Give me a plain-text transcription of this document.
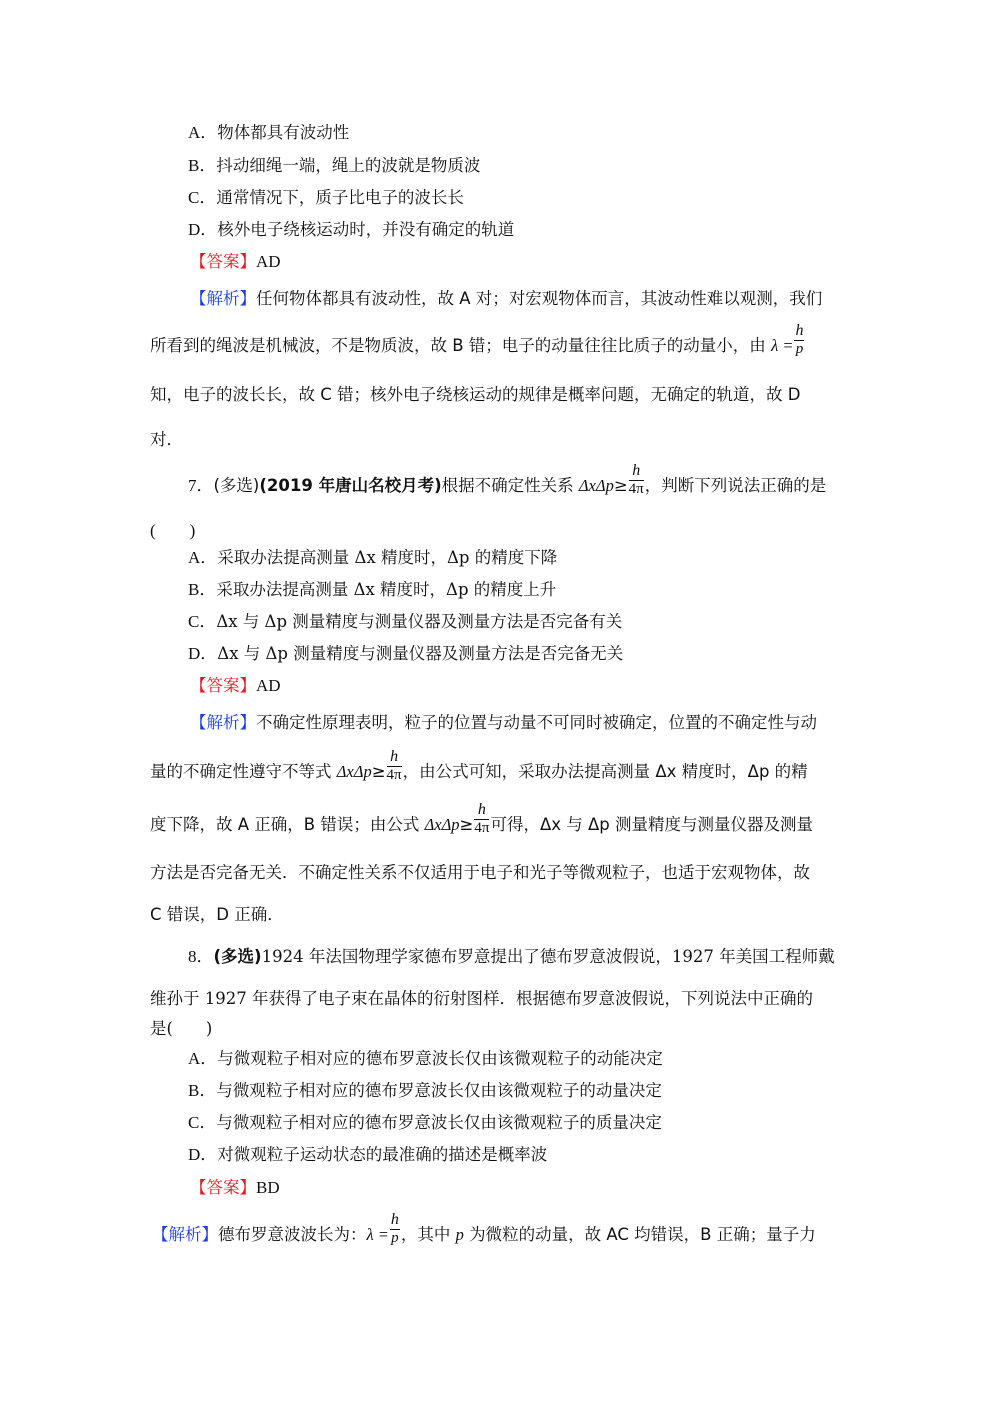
A．物体都具有波动性
B．抖动细绳一端，绳上的波就是物质波
C．通常情况下，质子比电子的波长长
D．核外电子绕核运动时，并没有确定的轨道
【答案】AD
【解析】任何物体都具有波动性，故 A 对；对宏观物体而言，其波动性难以观测，我们
所看到的绳波是机械波，不是物质波，故 B 错；电子的动量往往比质子的动量小，由 $\lambda = \frac{h}{p}$
知，电子的波长长，故 C 错；核外电子绕核运动的规律是概率问题，无确定的轨道，故 D
对．
7．(多选)(2019 年唐山名校月考)根据不确定性关系 $\Delta x\Delta p\ge \frac{h}{4\pi}$ ，判断下列说法正确的是
(　　)
A．采取办法提高测量 Δx 精度时，Δp 的精度下降
B．采取办法提高测量 Δx 精度时，Δp 的精度上升
C．Δx 与 Δp 测量精度与测量仪器及测量方法是否完备有关
D．Δx 与 Δp 测量精度与测量仪器及测量方法是否完备无关
【答案】AD
【解析】不确定性原理表明，粒子的位置与动量不可同时被确定，位置的不确定性与动
量的不确定性遵守不等式 $\Delta x\Delta p\ge \frac{h}{4\pi}$ ，由公式可知，采取办法提高测量 Δx 精度时，Δp 的精
度下降，故 A 正确，B 错误；由公式 $\Delta x\Delta p\ge \frac{h}{4\pi}$ 可得，Δx 与 Δp 测量精度与测量仪器及测量
方法是否完备无关．不确定性关系不仅适用于电子和光子等微观粒子，也适于宏观物体，故
C 错误，D 正确．
8．(多选)1924 年法国物理学家德布罗意提出了德布罗意波假说，1927 年美国工程师戴
维孙于 1927 年获得了电子束在晶体的衍射图样．根据德布罗意波假说，下列说法中正确的
是(　　)
A．与微观粒子相对应的德布罗意波长仅由该微观粒子的动能决定
B．与微观粒子相对应的德布罗意波长仅由该微观粒子的动量决定
C．与微观粒子相对应的德布罗意波长仅由该微观粒子的质量决定
D．对微观粒子运动状态的最准确的描述是概率波
【答案】BD
【解析】德布罗意波波长为：$\lambda = \frac{h}{p}$ ，其中 p 为微粒的动量，故 AC 均错误，B 正确；量子力
